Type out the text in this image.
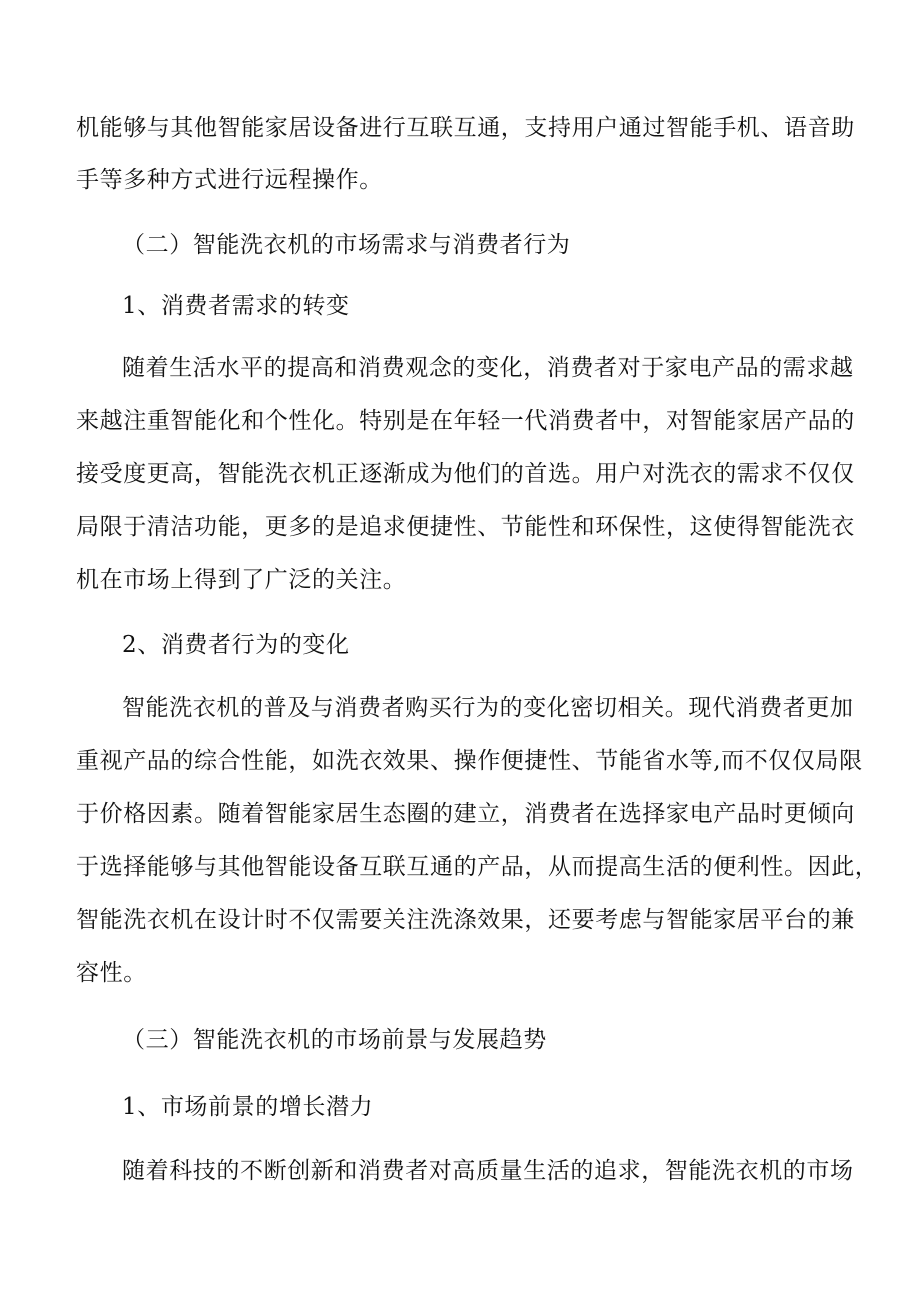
机能够与其他智能家居设备进行互联互通，支持用户通过智能手机、语音助
手等多种方式进行远程操作。
（二）智能洗衣机的市场需求与消费者行为
1、消费者需求的转变
随着生活水平的提高和消费观念的变化，消费者对于家电产品的需求越
来越注重智能化和个性化。特别是在年轻一代消费者中，对智能家居产品的
接受度更高，智能洗衣机正逐渐成为他们的首选。用户对洗衣的需求不仅仅
局限于清洁功能，更多的是追求便捷性、节能性和环保性，这使得智能洗衣
机在市场上得到了广泛的关注。
2、消费者行为的变化
智能洗衣机的普及与消费者购买行为的变化密切相关。现代消费者更加
重视产品的综合性能，如洗衣效果、操作便捷性、节能省水等,而不仅仅局限
于价格因素。随着智能家居生态圈的建立，消费者在选择家电产品时更倾向
于选择能够与其他智能设备互联互通的产品，从而提高生活的便利性。因此，
智能洗衣机在设计时不仅需要关注洗涤效果，还要考虑与智能家居平台的兼
容性。
（三）智能洗衣机的市场前景与发展趋势
1、市场前景的增长潜力
随着科技的不断创新和消费者对高质量生活的追求，智能洗衣机的市场
